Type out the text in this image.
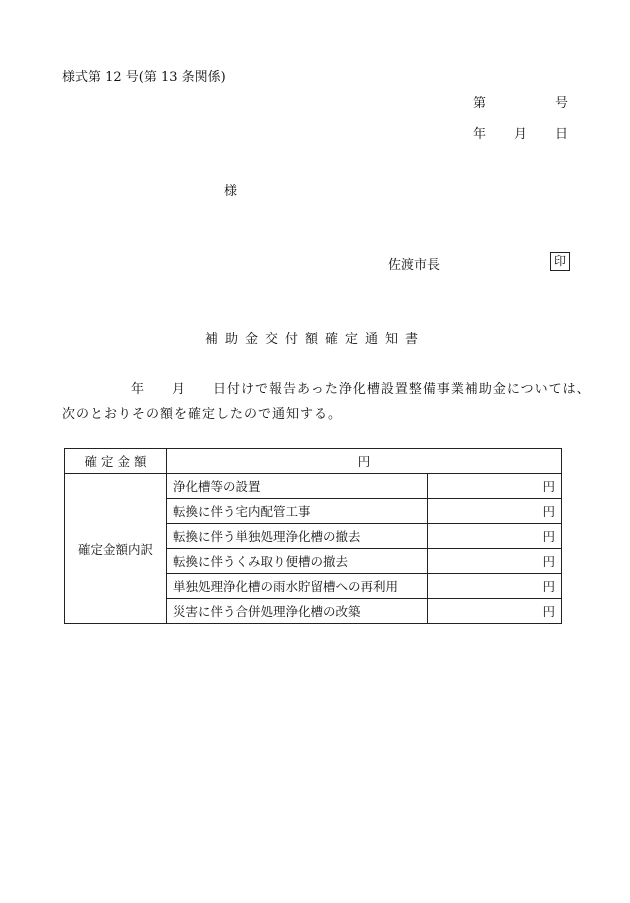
様式第 12 号(第 13 条関係)
第	号
年 月 日
様
佐渡市長	印
補助金交付額確定通知書
年 月 日付けで報告あった浄化槽設置整備事業補助金については、
次のとおりその額を確定したので通知する。
確 定 金 額	円	
確定金額内訳	浄化槽等の設置	円
	転換に伴う宅内配管工事	円
	転換に伴う単独処理浄化槽の撤去	円
	転換に伴うくみ取り便槽の撤去	円
	単独処理浄化槽の雨水貯留槽への再利用	円
	災害に伴う合併処理浄化槽の改築	円
